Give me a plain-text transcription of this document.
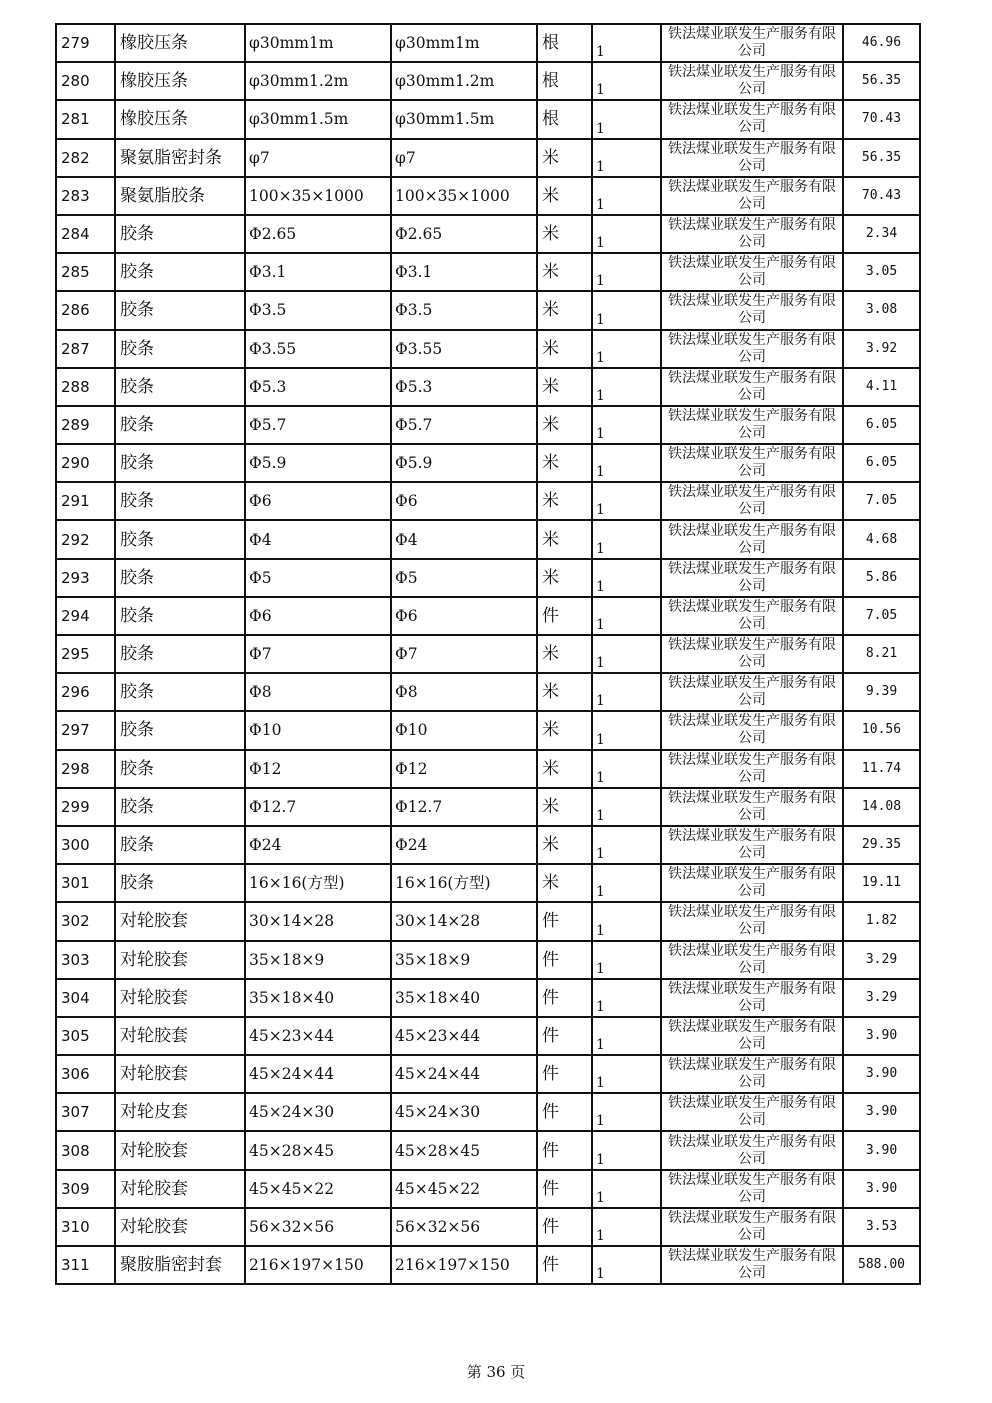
279	橡胶压条	φ30mm1m	φ30mm1m	根	1	铁法煤业联发生产服务有限公司	46.96
280	橡胶压条	φ30mm1.2m	φ30mm1.2m	根	1	铁法煤业联发生产服务有限公司	56.35
281	橡胶压条	φ30mm1.5m	φ30mm1.5m	根	1	铁法煤业联发生产服务有限公司	70.43
282	聚氨脂密封条	φ7	φ7	米	1	铁法煤业联发生产服务有限公司	56.35
283	聚氨脂胶条	100×35×1000	100×35×1000	米	1	铁法煤业联发生产服务有限公司	70.43
284	胶条	Φ2.65	Φ2.65	米	1	铁法煤业联发生产服务有限公司	2.34
285	胶条	Φ3.1	Φ3.1	米	1	铁法煤业联发生产服务有限公司	3.05
286	胶条	Φ3.5	Φ3.5	米	1	铁法煤业联发生产服务有限公司	3.08
287	胶条	Φ3.55	Φ3.55	米	1	铁法煤业联发生产服务有限公司	3.92
288	胶条	Φ5.3	Φ5.3	米	1	铁法煤业联发生产服务有限公司	4.11
289	胶条	Φ5.7	Φ5.7	米	1	铁法煤业联发生产服务有限公司	6.05
290	胶条	Φ5.9	Φ5.9	米	1	铁法煤业联发生产服务有限公司	6.05
291	胶条	Φ6	Φ6	米	1	铁法煤业联发生产服务有限公司	7.05
292	胶条	Φ4	Φ4	米	1	铁法煤业联发生产服务有限公司	4.68
293	胶条	Φ5	Φ5	米	1	铁法煤业联发生产服务有限公司	5.86
294	胶条	Φ6	Φ6	件	1	铁法煤业联发生产服务有限公司	7.05
295	胶条	Φ7	Φ7	米	1	铁法煤业联发生产服务有限公司	8.21
296	胶条	Φ8	Φ8	米	1	铁法煤业联发生产服务有限公司	9.39
297	胶条	Φ10	Φ10	米	1	铁法煤业联发生产服务有限公司	10.56
298	胶条	Φ12	Φ12	米	1	铁法煤业联发生产服务有限公司	11.74
299	胶条	Φ12.7	Φ12.7	米	1	铁法煤业联发生产服务有限公司	14.08
300	胶条	Φ24	Φ24	米	1	铁法煤业联发生产服务有限公司	29.35
301	胶条	16×16(方型)	16×16(方型)	米	1	铁法煤业联发生产服务有限公司	19.11
302	对轮胶套	30×14×28	30×14×28	件	1	铁法煤业联发生产服务有限公司	1.82
303	对轮胶套	35×18×9	35×18×9	件	1	铁法煤业联发生产服务有限公司	3.29
304	对轮胶套	35×18×40	35×18×40	件	1	铁法煤业联发生产服务有限公司	3.29
305	对轮胶套	45×23×44	45×23×44	件	1	铁法煤业联发生产服务有限公司	3.90
306	对轮胶套	45×24×44	45×24×44	件	1	铁法煤业联发生产服务有限公司	3.90
307	对轮皮套	45×24×30	45×24×30	件	1	铁法煤业联发生产服务有限公司	3.90
308	对轮胶套	45×28×45	45×28×45	件	1	铁法煤业联发生产服务有限公司	3.90
309	对轮胶套	45×45×22	45×45×22	件	1	铁法煤业联发生产服务有限公司	3.90
310	对轮胶套	56×32×56	56×32×56	件	1	铁法煤业联发生产服务有限公司	3.53
311	聚胺脂密封套	216×197×150	216×197×150	件	1	铁法煤业联发生产服务有限公司	588.00
第 36 页
